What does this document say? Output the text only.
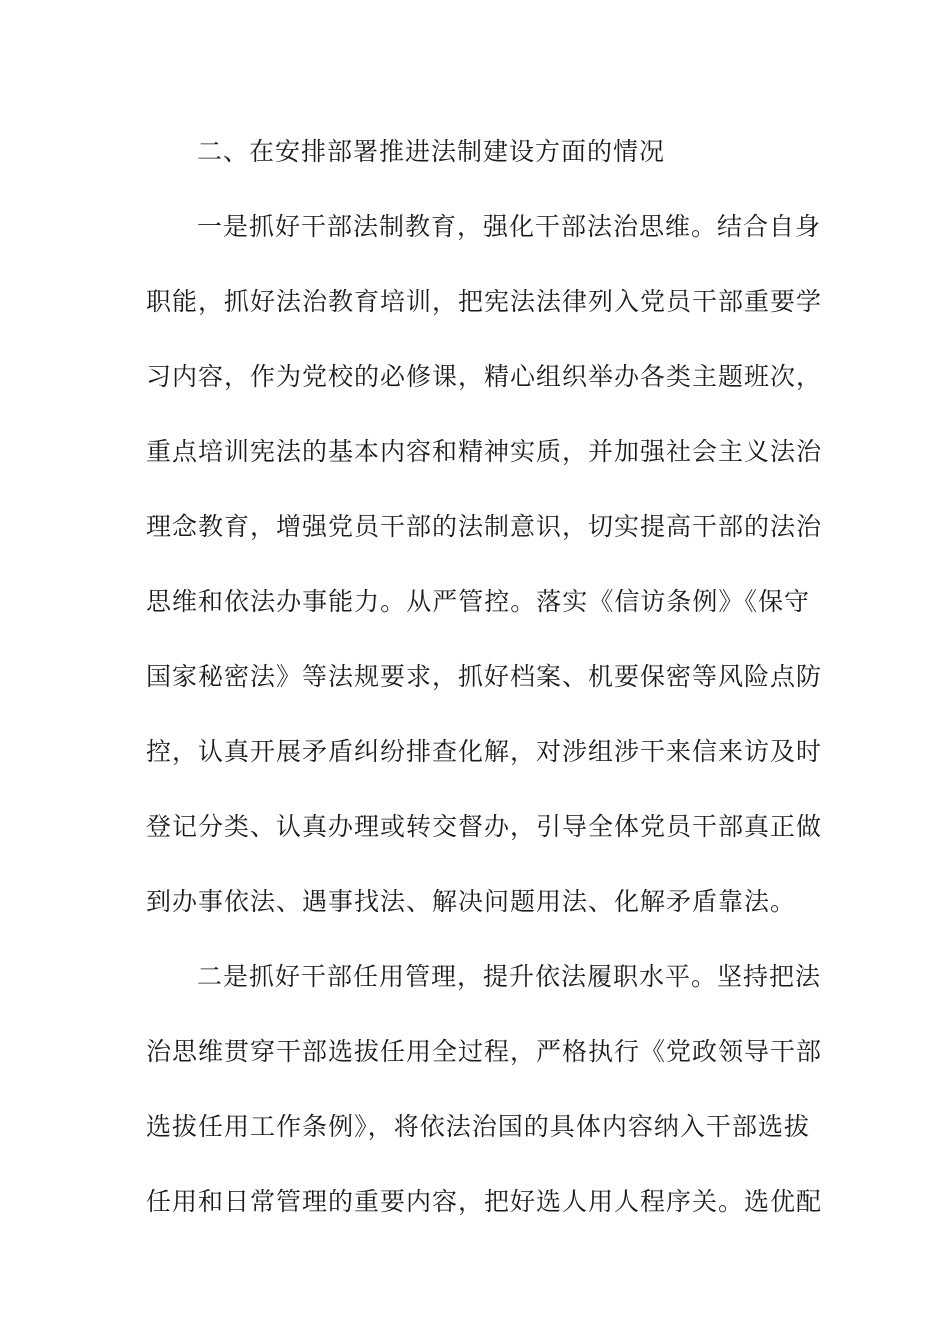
二、在安排部署推进法制建设方面的情况
一是抓好干部法制教育，强化干部法治思维。结合自身
职能，抓好法治教育培训，把宪法法律列入党员干部重要学
习内容，作为党校的必修课，精心组织举办各类主题班次，
重点培训宪法的基本内容和精神实质，并加强社会主义法治
理念教育，增强党员干部的法制意识，切实提高干部的法治
思维和依法办事能力。从严管控。落实《信访条例》《保守
国家秘密法》等法规要求，抓好档案、机要保密等风险点防
控，认真开展矛盾纠纷排查化解，对涉组涉干来信来访及时
登记分类、认真办理或转交督办，引导全体党员干部真正做
到办事依法、遇事找法、解决问题用法、化解矛盾靠法。
二是抓好干部任用管理，提升依法履职水平。坚持把法
治思维贯穿干部选拔任用全过程，严格执行《党政领导干部
选拔任用工作条例》，将依法治国的具体内容纳入干部选拔
任用和日常管理的重要内容，把好选人用人程序关。选优配
